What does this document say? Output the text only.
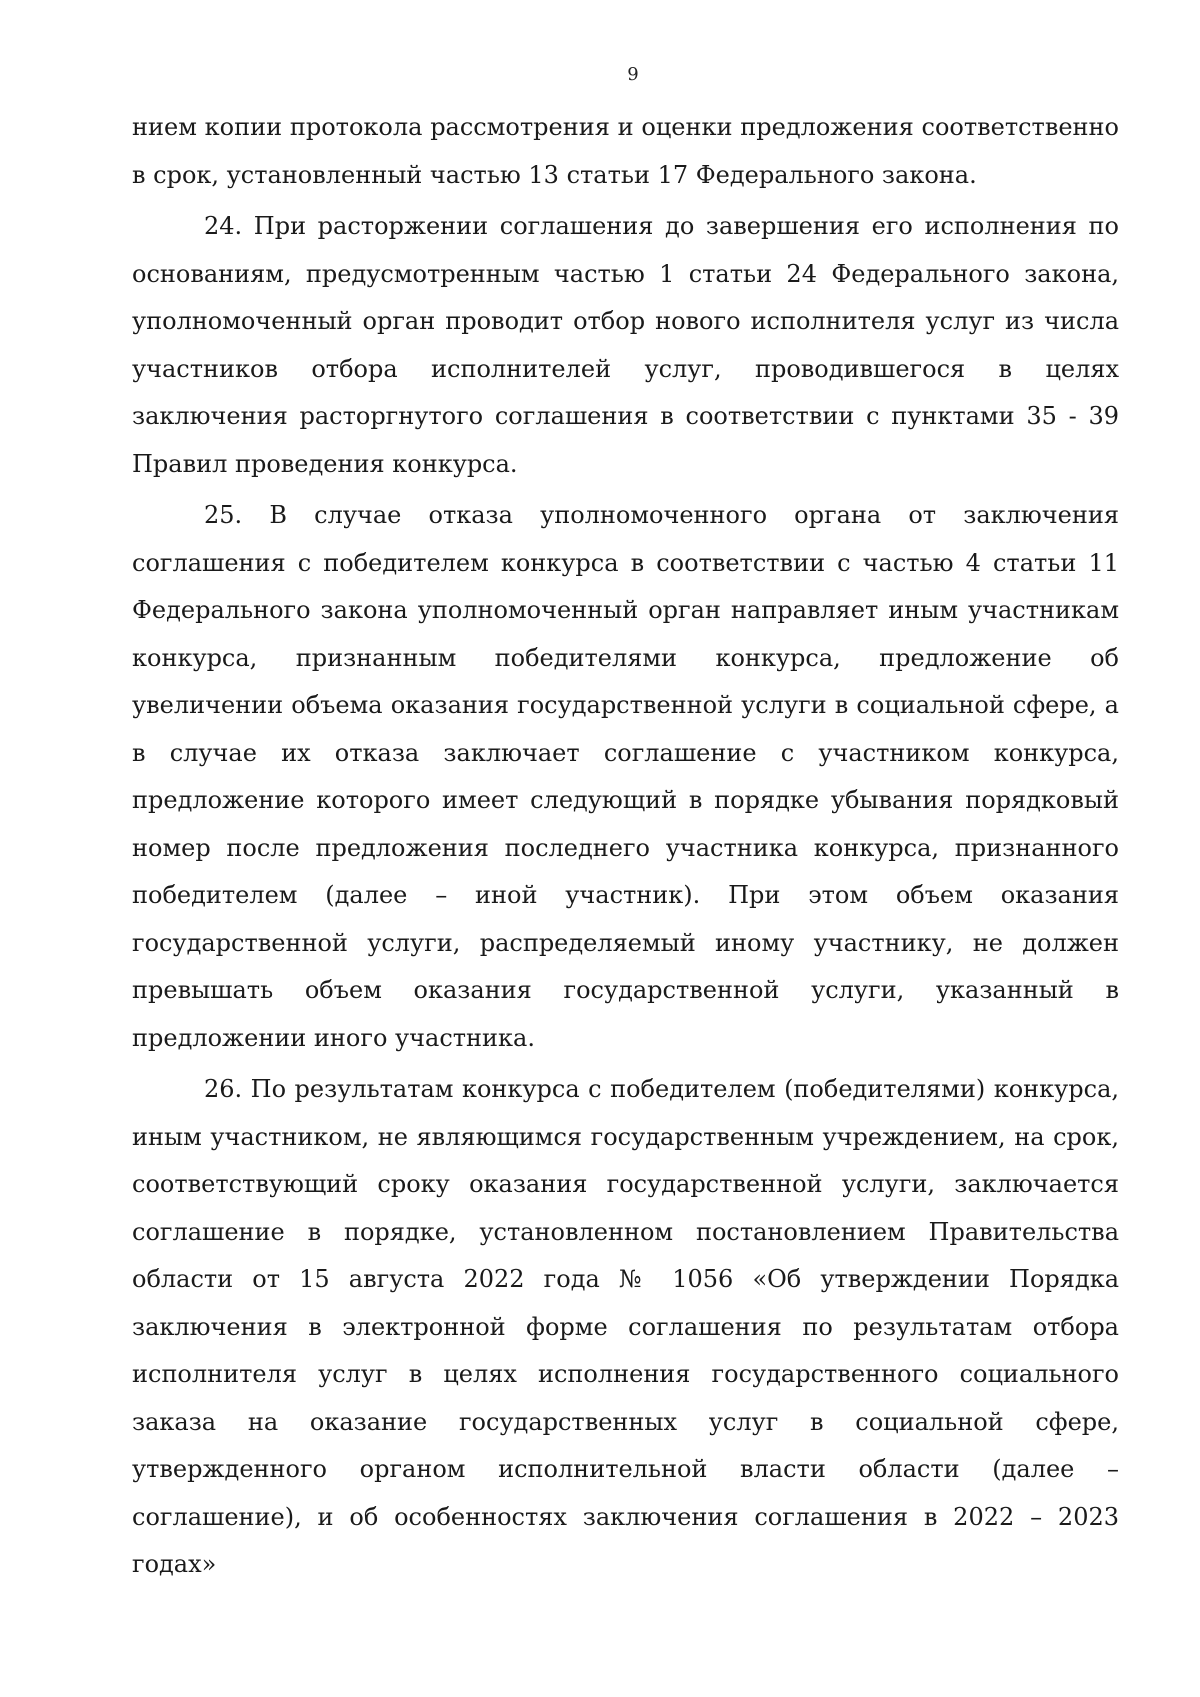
9

нием копии протокола рассмотрения и оценки предложения соответственно в срок, установленный частью 13 статьи 17 Федерального закона.

24. При расторжении соглашения до завершения его исполнения по основаниям, предусмотренным частью 1 статьи 24 Федерального закона, уполномоченный орган проводит отбор нового исполнителя услуг из числа участников отбора исполнителей услуг, проводившегося в целях заключения расторгнутого соглашения в соответствии с пунктами 35 - 39 Правил проведения конкурса.

25. В случае отказа уполномоченного органа от заключения соглашения с победителем конкурса в соответствии с частью 4 статьи 11 Федерального закона уполномоченный орган направляет иным участникам конкурса, признанным победителями конкурса, предложение об увеличении объема оказания государственной услуги в социальной сфере, а в случае их отказа заключает соглашение с участником конкурса, предложение которого имеет следующий в порядке убывания порядковый номер после предложения последнего участника конкурса, признанного победителем (далее – иной участник). При этом объем оказания государственной услуги, распределяемый иному участнику, не должен превышать объем оказания государственной услуги, указанный в предложении иного участника.

26. По результатам конкурса с победителем (победителями) конкурса, иным участником, не являющимся государственным учреждением, на срок, соответствующий сроку оказания государственной услуги, заключается соглашение в порядке, установленном постановлением Правительства области от 15 августа 2022 года № 1056 «Об утверждении Порядка заключения в электронной форме соглашения по результатам отбора исполнителя услуг в целях исполнения государственного социального заказа на оказание государственных услуг в социальной сфере, утвержденного органом исполнительной власти области (далее – соглашение), и об особенностях заключения соглашения в 2022 – 2023 годах»
